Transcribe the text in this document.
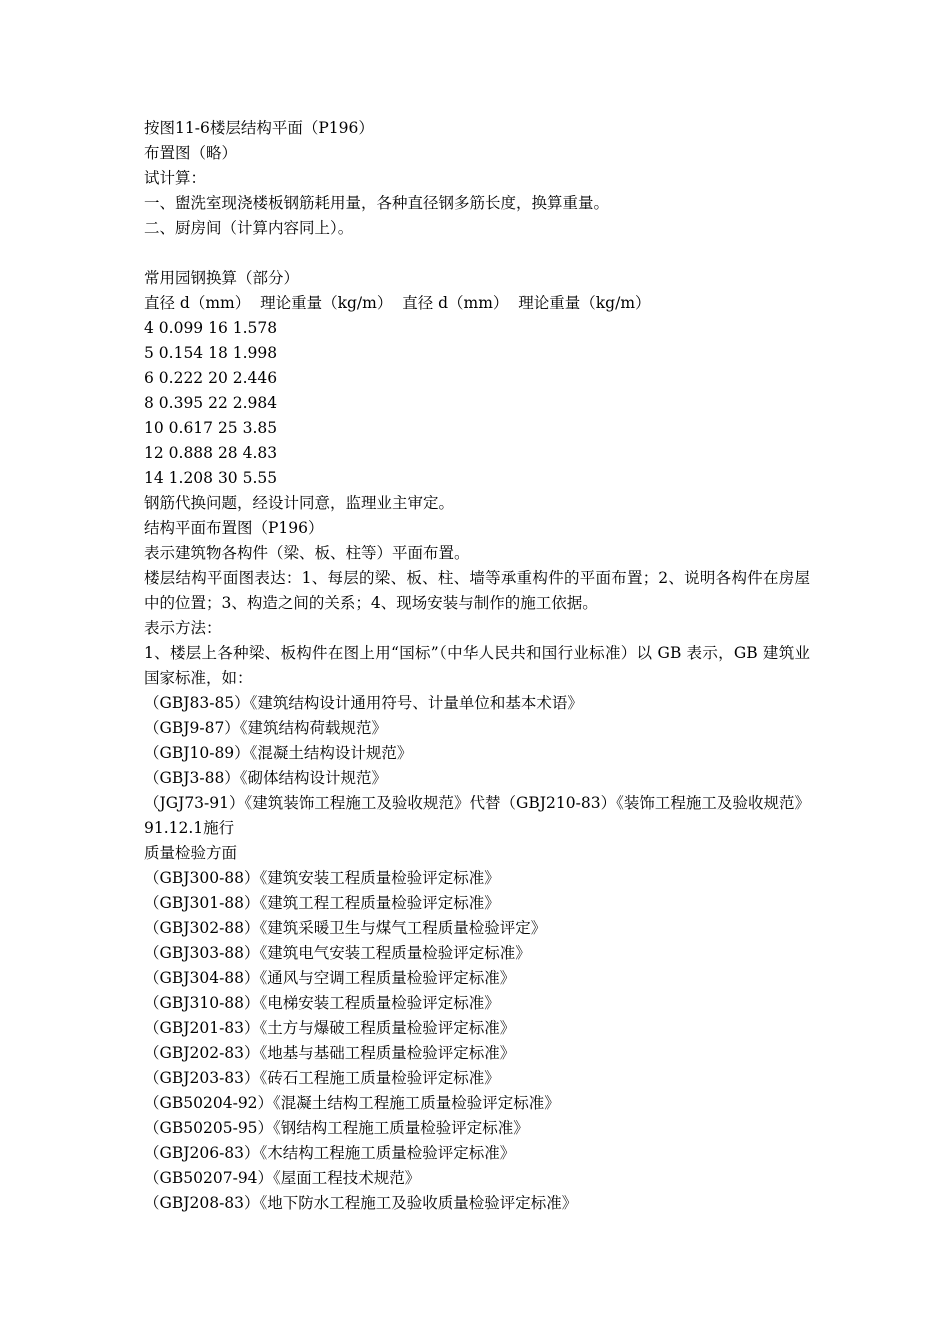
按图11-6楼层结构平面（P196）
布置图（略）
试计算：
一、盥洗室现浇楼板钢筋耗用量，各种直径钢多筋长度，换算重量。
二、厨房间（计算内容同上）。
常用园钢换算（部分）
直径 d（mm）  理论重量（kg/m）  直径 d（mm）  理论重量（kg/m）
4 0.099 16 1.578
5 0.154 18 1.998
6 0.222 20 2.446
8 0.395 22 2.984
10 0.617 25 3.85
12 0.888 28 4.83
14 1.208 30 5.55
钢筋代换问题，经设计同意，监理业主审定。
结构平面布置图（P196）
表示建筑物各构件（梁、板、柱等）平面布置。
楼层结构平面图表达：1、每层的梁、板、柱、墙等承重构件的平面布置；2、说明各构件在房屋中的位置；3、构造之间的关系；4、现场安装与制作的施工依据。
表示方法：
1、楼层上各种梁、板构件在图上用“国标”（中华人民共和国行业标准）以 GB 表示，GB 建筑业国家标准，如：
（GBJ83-85）《建筑结构设计通用符号、计量单位和基本术语》
（GBJ9-87）《建筑结构荷载规范》
（GBJ10-89）《混凝土结构设计规范》
（GBJ3-88）《砌体结构设计规范》
（JGJ73-91）《建筑装饰工程施工及验收规范》代替（GBJ210-83）《装饰工程施工及验收规范》91.12.1施行
质量检验方面
（GBJ300-88）《建筑安装工程质量检验评定标准》
（GBJ301-88）《建筑工程工程质量检验评定标准》
（GBJ302-88）《建筑采暖卫生与煤气工程质量检验评定》
（GBJ303-88）《建筑电气安装工程质量检验评定标准》
（GBJ304-88）《通风与空调工程质量检验评定标准》
（GBJ310-88）《电梯安装工程质量检验评定标准》
（GBJ201-83）《土方与爆破工程质量检验评定标准》
（GBJ202-83）《地基与基础工程质量检验评定标准》
（GBJ203-83）《砖石工程施工质量检验评定标准》
（GB50204-92）《混凝土结构工程施工质量检验评定标准》
（GB50205-95）《钢结构工程施工质量检验评定标准》
（GBJ206-83）《木结构工程施工质量检验评定标准》
（GB50207-94）《屋面工程技术规范》
（GBJ208-83）《地下防水工程施工及验收质量检验评定标准》
